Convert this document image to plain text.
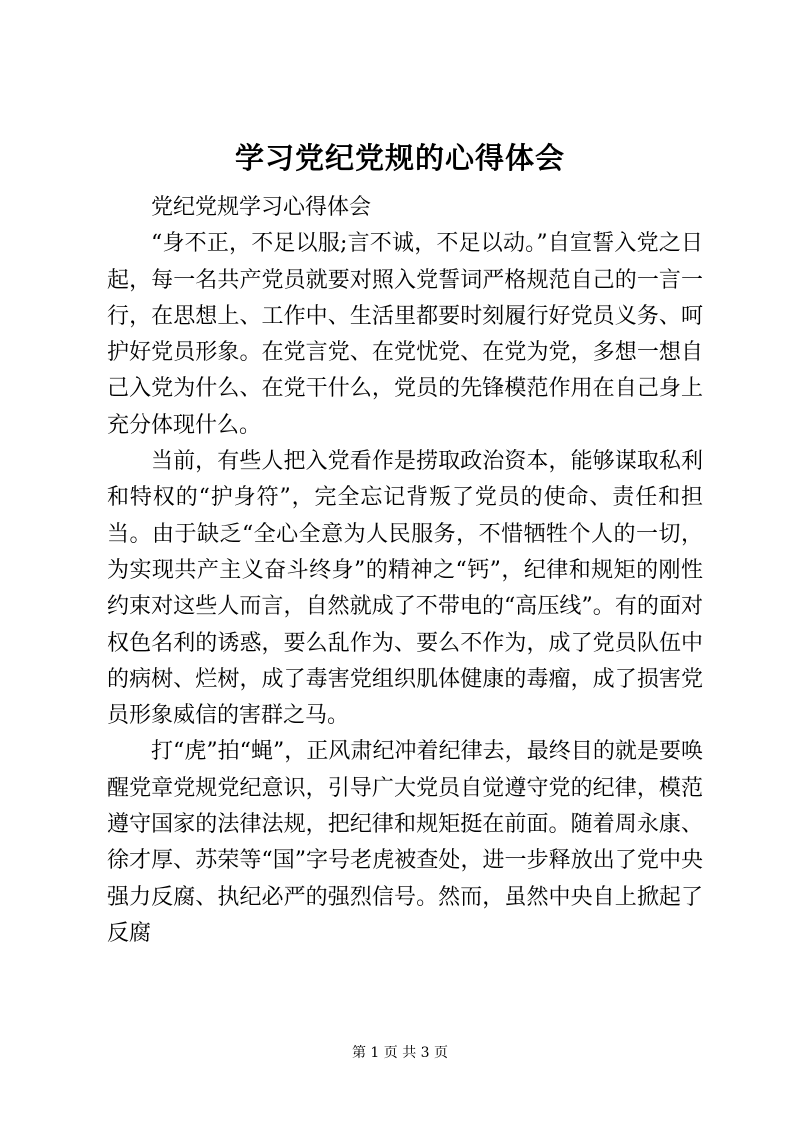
学习党纪党规的心得体会

党纪党规学习心得体会

“身不正，不足以服;言不诚，不足以动。”自宣誓入党之日起，每一名共产党员就要对照入党誓词严格规范自己的一言一行，在思想上、工作中、生活里都要时刻履行好党员义务、呵护好党员形象。在党言党、在党忧党、在党为党，多想一想自己入党为什么、在党干什么，党员的先锋模范作用在自己身上充分体现什么。

当前，有些人把入党看作是捞取政治资本，能够谋取私利和特权的“护身符”，完全忘记背叛了党员的使命、责任和担当。由于缺乏“全心全意为人民服务，不惜牺牲个人的一切，为实现共产主义奋斗终身”的精神之“钙”，纪律和规矩的刚性约束对这些人而言，自然就成了不带电的“高压线”。有的面对权色名利的诱惑，要么乱作为、要么不作为，成了党员队伍中的病树、烂树，成了毒害党组织肌体健康的毒瘤，成了损害党员形象威信的害群之马。

打“虎”拍“蝇”，正风肃纪冲着纪律去，最终目的就是要唤醒党章党规党纪意识，引导广大党员自觉遵守党的纪律，模范遵守国家的法律法规，把纪律和规矩挺在前面。随着周永康、徐才厚、苏荣等“国”字号老虎被查处，进一步释放出了党中央强力反腐、执纪必严的强烈信号。然而，虽然中央自上掀起了反腐

第 1 页 共 3 页
